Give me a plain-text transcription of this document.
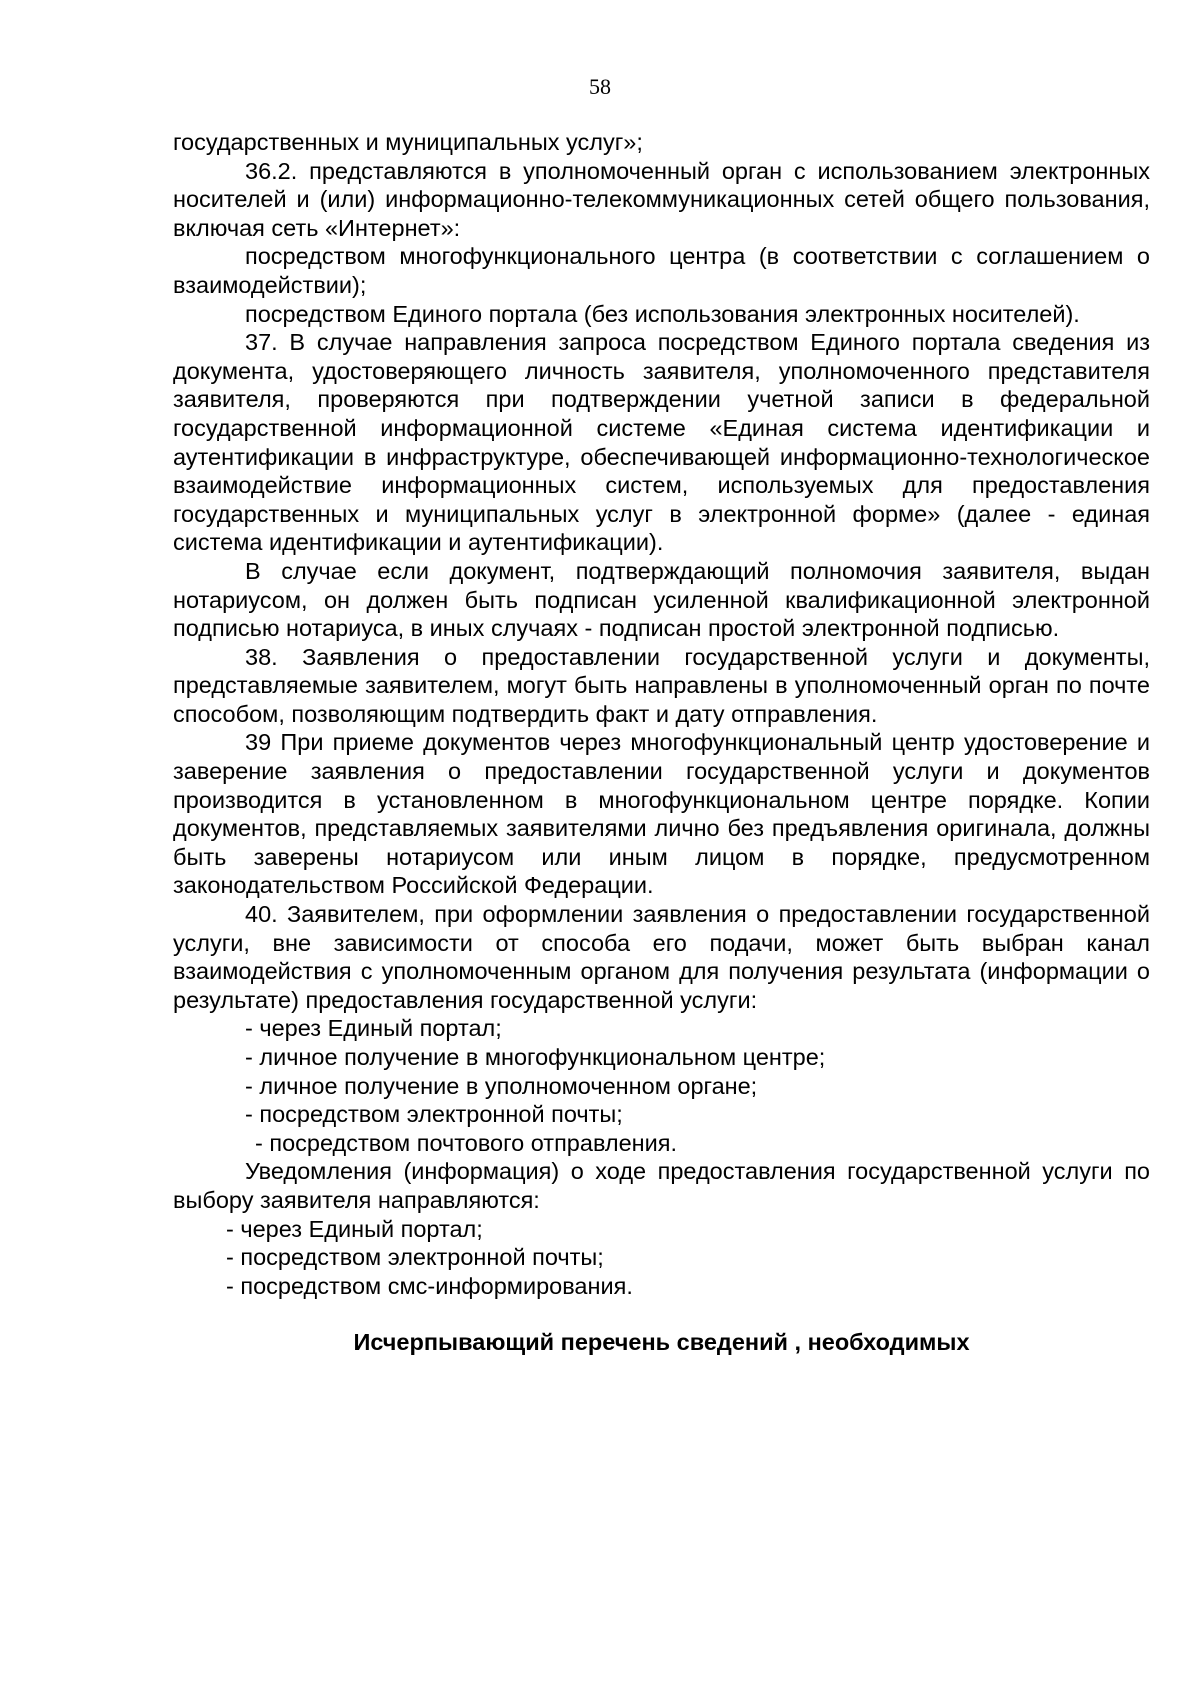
58

государственных и муниципальных услуг»;

36.2. представляются в уполномоченный орган с использованием электронных носителей и (или) информационно-телекоммуникационных сетей общего пользования, включая сеть «Интернет»:

посредством многофункционального центра (в соответствии с соглашением о взаимодействии);

посредством Единого портала (без использования электронных носителей).

37. В случае направления запроса посредством Единого портала сведения из документа, удостоверяющего личность заявителя, уполномоченного представителя заявителя, проверяются при подтверждении учетной записи в федеральной государственной информационной системе «Единая система идентификации и аутентификации в инфраструктуре, обеспечивающей информационно-технологическое взаимодействие информационных систем, используемых для предоставления государственных и муниципальных услуг в электронной форме» (далее - единая система идентификации и аутентификации).

В случае если документ, подтверждающий полномочия заявителя, выдан нотариусом, он должен быть подписан усиленной квалификационной электронной подписью нотариуса, в иных случаях - подписан простой электронной подписью.

38. Заявления о предоставлении государственной услуги и документы, представляемые заявителем, могут быть направлены в уполномоченный орган по почте способом, позволяющим подтвердить факт и дату отправления.

39 При приеме документов через многофункциональный центр удостоверение и заверение заявления о предоставлении государственной услуги и документов производится в установленном в многофункциональном центре порядке. Копии документов, представляемых заявителями лично без предъявления оригинала, должны быть заверены нотариусом или иным лицом в порядке, предусмотренном законодательством Российской Федерации.

40. Заявителем, при оформлении заявления о предоставлении государственной услуги, вне зависимости от способа его подачи, может быть выбран канал взаимодействия с уполномоченным органом для получения результата (информации о результате) предоставления государственной услуги:

- через Единый портал;

- личное получение в многофункциональном центре;

- личное получение в уполномоченном органе;

- посредством электронной почты;

- посредством почтового отправления.

Уведомления (информация) о ходе предоставления государственной услуги по выбору заявителя направляются:

- через Единый портал;

- посредством электронной почты;

- посредством смс-информирования.

Исчерпывающий перечень сведений , необходимых
